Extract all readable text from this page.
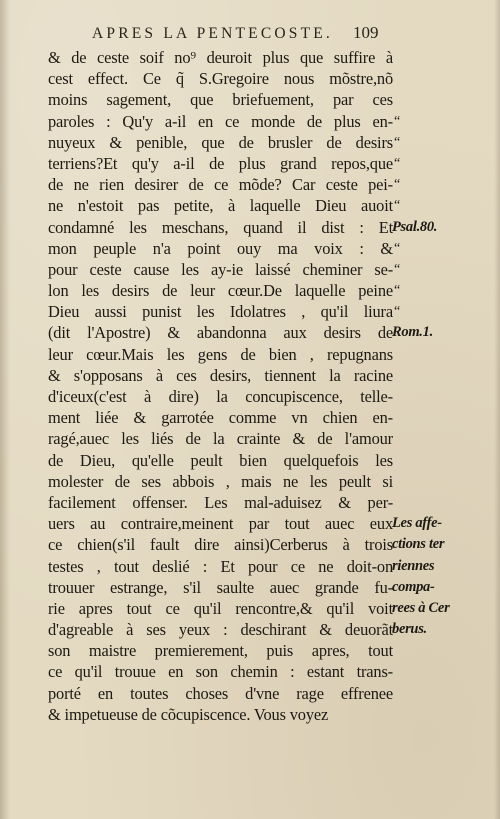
APRES LA PENTECOSTE. 109
& de ceste soif no⁹ deuroit plus que suffire à
cest effect. Ce q̃ S.Gregoire nous mõstre,nõ
moins sagement, que briefuement, par ces
paroles : Qu'y a-il en ce monde de plus en-
nuyeux & penible, que de brusler de desirs
terriens?Et qu'y a-il de plus grand repos,que
de ne rien desirer de ce mõde? Car ceste pei-
ne n'estoit pas petite, à laquelle Dieu auoit
condamné les meschans, quand il dist : Et
mon peuple n'a point ouy ma voix : &
pour ceste cause les ay-ie laissé cheminer se-
lon les desirs de leur cœur.De laquelle peine
Dieu aussi punist les Idolatres , qu'il liura
(dit l'Apostre) & abandonna aux desirs de
leur cœur.Mais les gens de bien , repugnans
& s'opposans à ces desirs, tiennent la racine
d'iceux(c'est à dire) la concupiscence, telle-
ment liée & garrotée comme vn chien en-
ragé,auec les liés de la crainte & de l'amour
de Dieu, qu'elle peult bien quelquefois les
molester de ses abbois , mais ne les peult si
facilement offenser. Les mal-aduisez & per-
uers au contraire,meinent par tout auec eux
ce chien(s'il fault dire ainsi)Cerberus à trois
testes , tout deslié : Et pour ce ne doit-on
trouuer estrange, s'il saulte auec grande fu-
rie apres tout ce qu'il rencontre,& qu'il voit
d'agreable à ses yeux : deschirant & deuorãt
son maistre premierement, puis apres, tout
ce qu'il trouue en son chemin : estant trans-
porté en toutes choses d'vne rage effrenee
& impetueuse de cõcupiscence. Vous voyez
“
“
“
“
“
Psal.80.
“
“
“
“
Rom.1.
Les affe-
ctions ter
riennes
compa-
rees à Cer
berus.
